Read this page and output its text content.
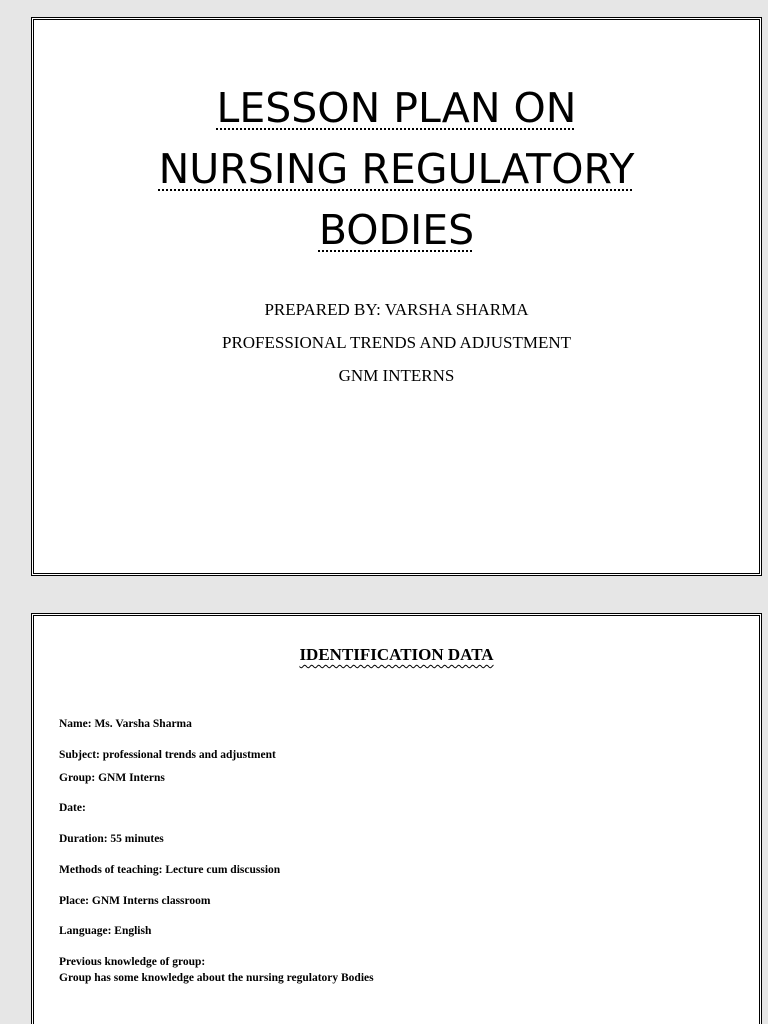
LESSON PLAN ON
NURSING REGULATORY
BODIES
PREPARED BY: VARSHA SHARMA
PROFESSIONAL TRENDS AND ADJUSTMENT
GNM INTERNS
IDENTIFICATION DATA
Name: Ms. Varsha Sharma
Subject: professional trends and adjustment
Group: GNM Interns
Date:
Duration: 55 minutes
Methods of teaching: Lecture cum discussion
Place: GNM Interns classroom
Language: English
Previous knowledge of group:
Group has some knowledge about the nursing regulatory Bodies
